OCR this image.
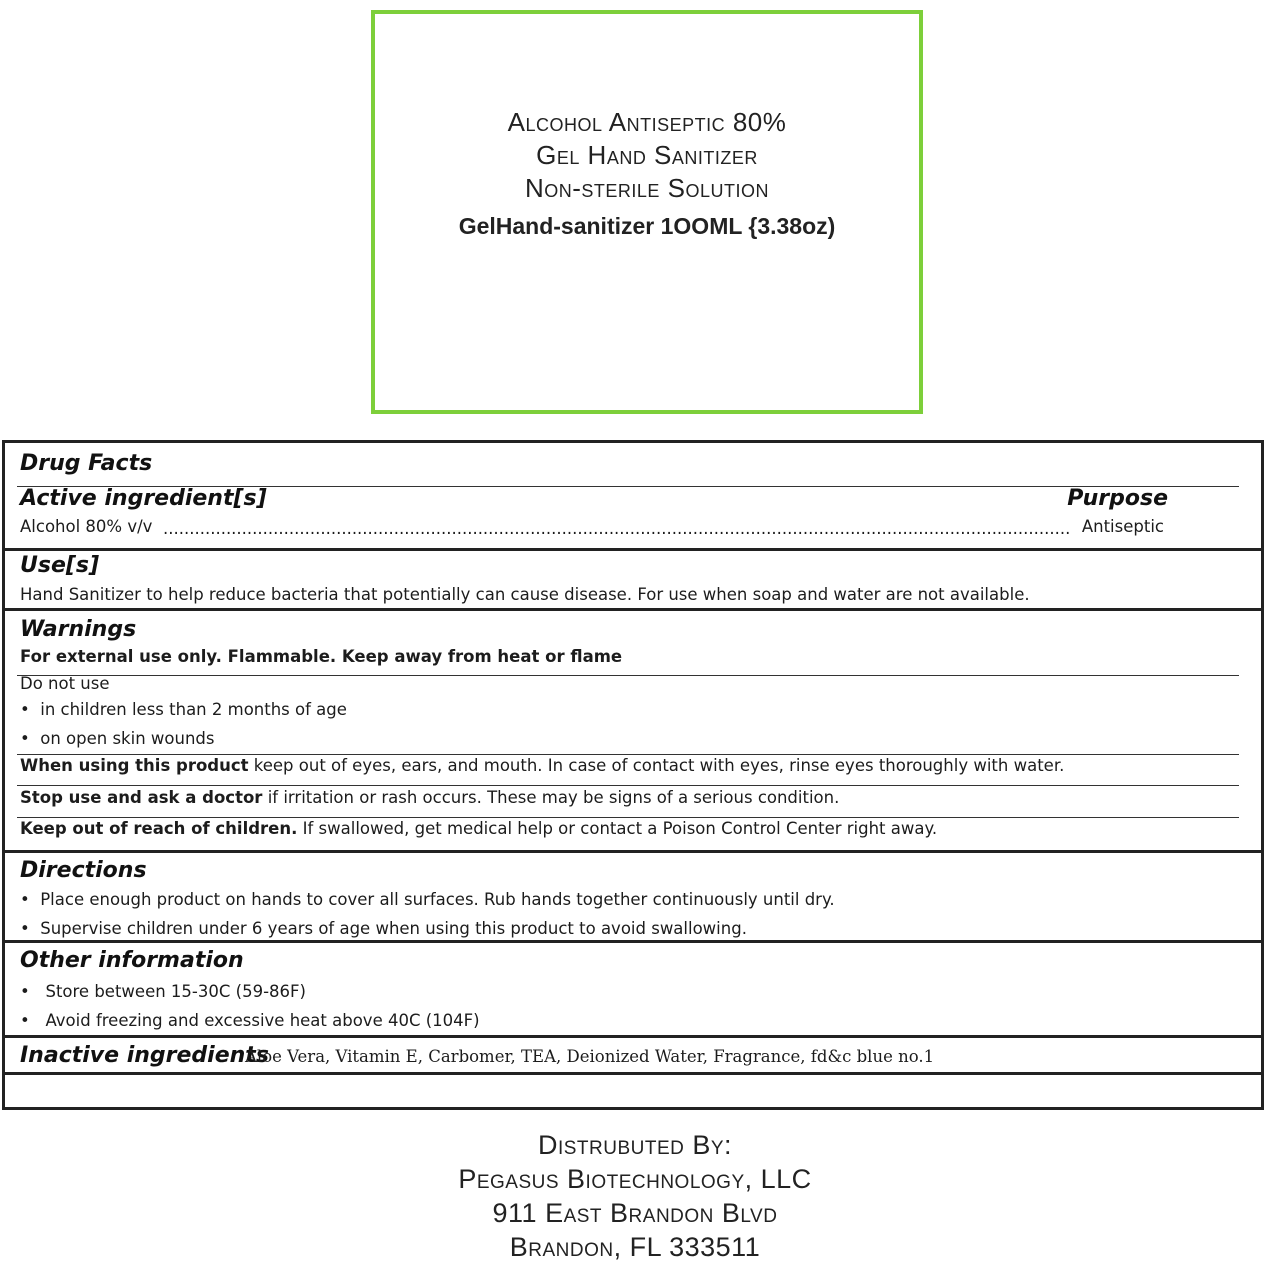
Alcohol Antiseptic 80%
Gel Hand Sanitizer
Non-sterile Solution
GelHand-sanitizer 1OOML {3.38oz)
Drug Facts
Active ingredient[s]	Purpose
Alcohol 80% v/v
.....	Antiseptic
Use[s]
Hand Sanitizer to help reduce bacteria that potentially can cause disease. For use when soap and water are not available.
Warnings
For external use only. Flammable. Keep away from heat or flame
Do not use
•  in children less than 2 months of age
•  on open skin wounds
When using this product keep out of eyes, ears, and mouth. In case of contact with eyes, rinse eyes thoroughly with water.
Stop use and ask a doctor if irritation or rash occurs. These may be signs of a serious condition.
Keep out of reach of children. If swallowed, get medical help or contact a Poison Control Center right away.
Directions
•  Place enough product on hands to cover all surfaces. Rub hands together continuously until dry.
•  Supervise children under 6 years of age when using this product to avoid swallowing.
Other information
•   Store between 15-30C (59-86F)
•   Avoid freezing and excessive heat above 40C (104F)
Inactive ingredients
Aloe Vera, Vitamin E, Carbomer, TEA, Deionized Water, Fragrance, fd&c blue no.1
Distrubuted By:
Pegasus Biotechnology, LLC
911 East Brandon Blvd
Brandon, FL 333511
